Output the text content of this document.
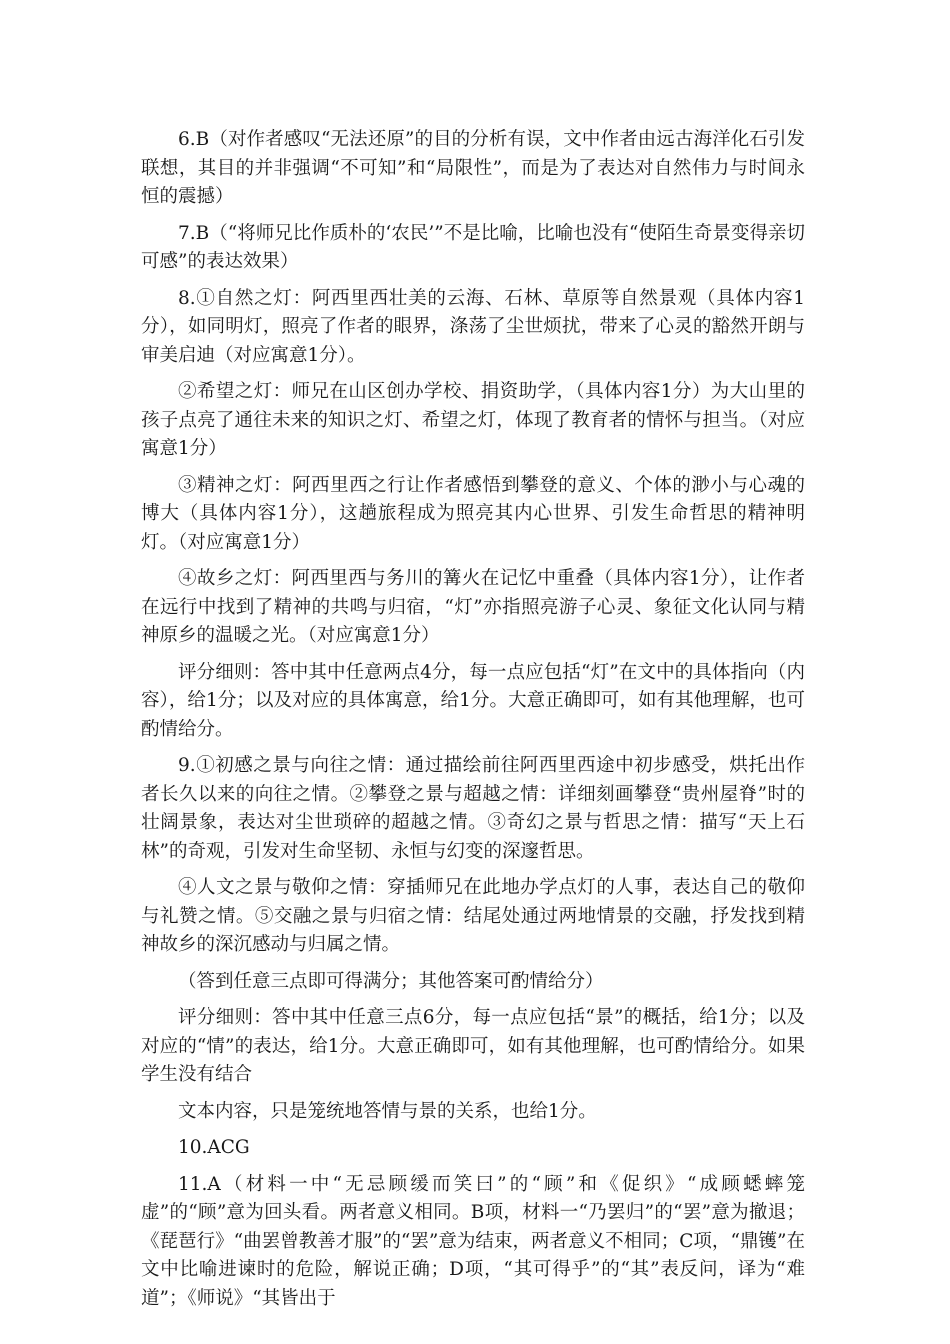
6.B（对作者感叹“无法还原”的目的分析有误，文中作者由远古海洋化石引发联想，其目的并非强调“不可知”和“局限性”，而是为了表达对自然伟力与时间永恒的震撼）

7.B（“将师兄比作质朴的‘农民’”不是比喻，比喻也没有“使陌生奇景变得亲切可感”的表达效果）

8.①自然之灯：阿西里西壮美的云海、石林、草原等自然景观（具体内容1分），如同明灯，照亮了作者的眼界，涤荡了尘世烦扰，带来了心灵的豁然开朗与审美启迪（对应寓意1分）。

②希望之灯：师兄在山区创办学校、捐资助学，（具体内容1分）为大山里的孩子点亮了通往未来的知识之灯、希望之灯，体现了教育者的情怀与担当。（对应寓意1分）

③精神之灯：阿西里西之行让作者感悟到攀登的意义、个体的渺小与心魂的博大（具体内容1分），这趟旅程成为照亮其内心世界、引发生命哲思的精神明灯。（对应寓意1分）

④故乡之灯：阿西里西与务川的篝火在记忆中重叠（具体内容1分），让作者在远行中找到了精神的共鸣与归宿，“灯”亦指照亮游子心灵、象征文化认同与精神原乡的温暖之光。（对应寓意1分）

评分细则：答中其中任意两点4分，每一点应包括“灯”在文中的具体指向（内容），给1分；以及对应的具体寓意，给1分。大意正确即可，如有其他理解，也可酌情给分。

9.①初感之景与向往之情：通过描绘前往阿西里西途中初步感受，烘托出作者长久以来的向往之情。②攀登之景与超越之情：详细刻画攀登“贵州屋脊”时的壮阔景象，表达对尘世琐碎的超越之情。③奇幻之景与哲思之情：描写“天上石林”的奇观，引发对生命坚韧、永恒与幻变的深邃哲思。

④人文之景与敬仰之情：穿插师兄在此地办学点灯的人事，表达自己的敬仰与礼赞之情。⑤交融之景与归宿之情：结尾处通过两地情景的交融，抒发找到精神故乡的深沉感动与归属之情。

（答到任意三点即可得满分；其他答案可酌情给分）

评分细则：答中其中任意三点6分，每一点应包括“景”的概括，给1分；以及对应的“情”的表达，给1分。大意正确即可，如有其他理解，也可酌情给分。如果学生没有结合

文本内容，只是笼统地答情与景的关系，也给1分。

10.ACG

11.A（材料一中“无忌顾缓而笑曰”的“顾”和《促织》“成顾蟋蟀笼虚”的“顾”意为回头看。两者意义相同。B项，材料一“乃罢归”的“罢”意为撤退；《琵琶行》“曲罢曾教善才服”的“罢”意为结束，两者意义不相同；C项，“鼎镬”在文中比喻进谏时的危险，解说正确；D项，“其可得乎”的“其”表反问，译为“难道”；《师说》“其皆出于
